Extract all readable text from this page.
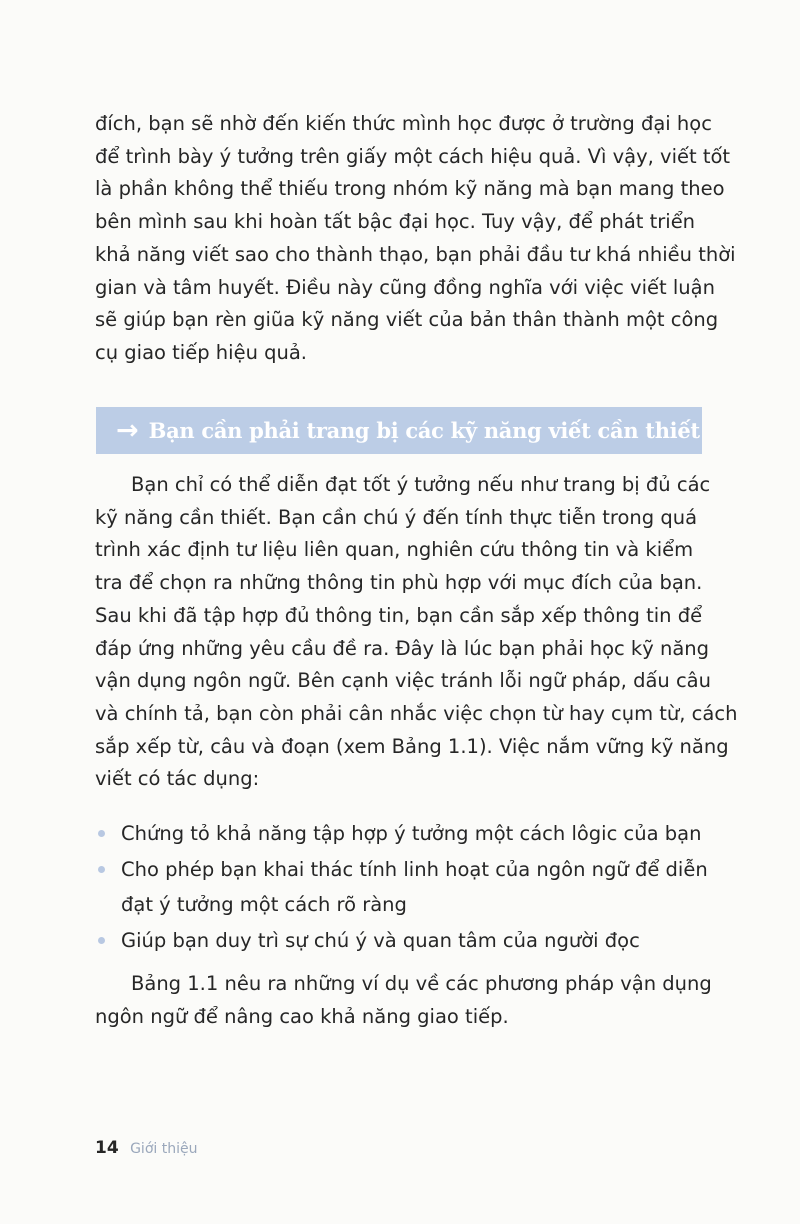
đích, bạn sẽ nhờ đến kiến thức mình học được ở trường đại học
để trình bày ý tưởng trên giấy một cách hiệu quả. Vì vậy, viết tốt
là phần không thể thiếu trong nhóm kỹ năng mà bạn mang theo
bên mình sau khi hoàn tất bậc đại học. Tuy vậy, để phát triển
khả năng viết sao cho thành thạo, bạn phải đầu tư khá nhiều thời
gian và tâm huyết. Điều này cũng đồng nghĩa với việc viết luận
sẽ giúp bạn rèn giũa kỹ năng viết của bản thân thành một công
cụ giao tiếp hiệu quả.

→ Bạn cần phải trang bị các kỹ năng viết cần thiết

Bạn chỉ có thể diễn đạt tốt ý tưởng nếu như trang bị đủ các
kỹ năng cần thiết. Bạn cần chú ý đến tính thực tiễn trong quá
trình xác định tư liệu liên quan, nghiên cứu thông tin và kiểm
tra để chọn ra những thông tin phù hợp với mục đích của bạn.
Sau khi đã tập hợp đủ thông tin, bạn cần sắp xếp thông tin để
đáp ứng những yêu cầu đề ra. Đây là lúc bạn phải học kỹ năng
vận dụng ngôn ngữ. Bên cạnh việc tránh lỗi ngữ pháp, dấu câu
và chính tả, bạn còn phải cân nhắc việc chọn từ hay cụm từ, cách
sắp xếp từ, câu và đoạn (xem Bảng 1.1). Việc nắm vững kỹ năng
viết có tác dụng:

Chứng tỏ khả năng tập hợp ý tưởng một cách lôgic của bạn
Cho phép bạn khai thác tính linh hoạt của ngôn ngữ để diễn
đạt ý tưởng một cách rõ ràng
Giúp bạn duy trì sự chú ý và quan tâm của người đọc

Bảng 1.1 nêu ra những ví dụ về các phương pháp vận dụng
ngôn ngữ để nâng cao khả năng giao tiếp.

14 Giới thiệu
